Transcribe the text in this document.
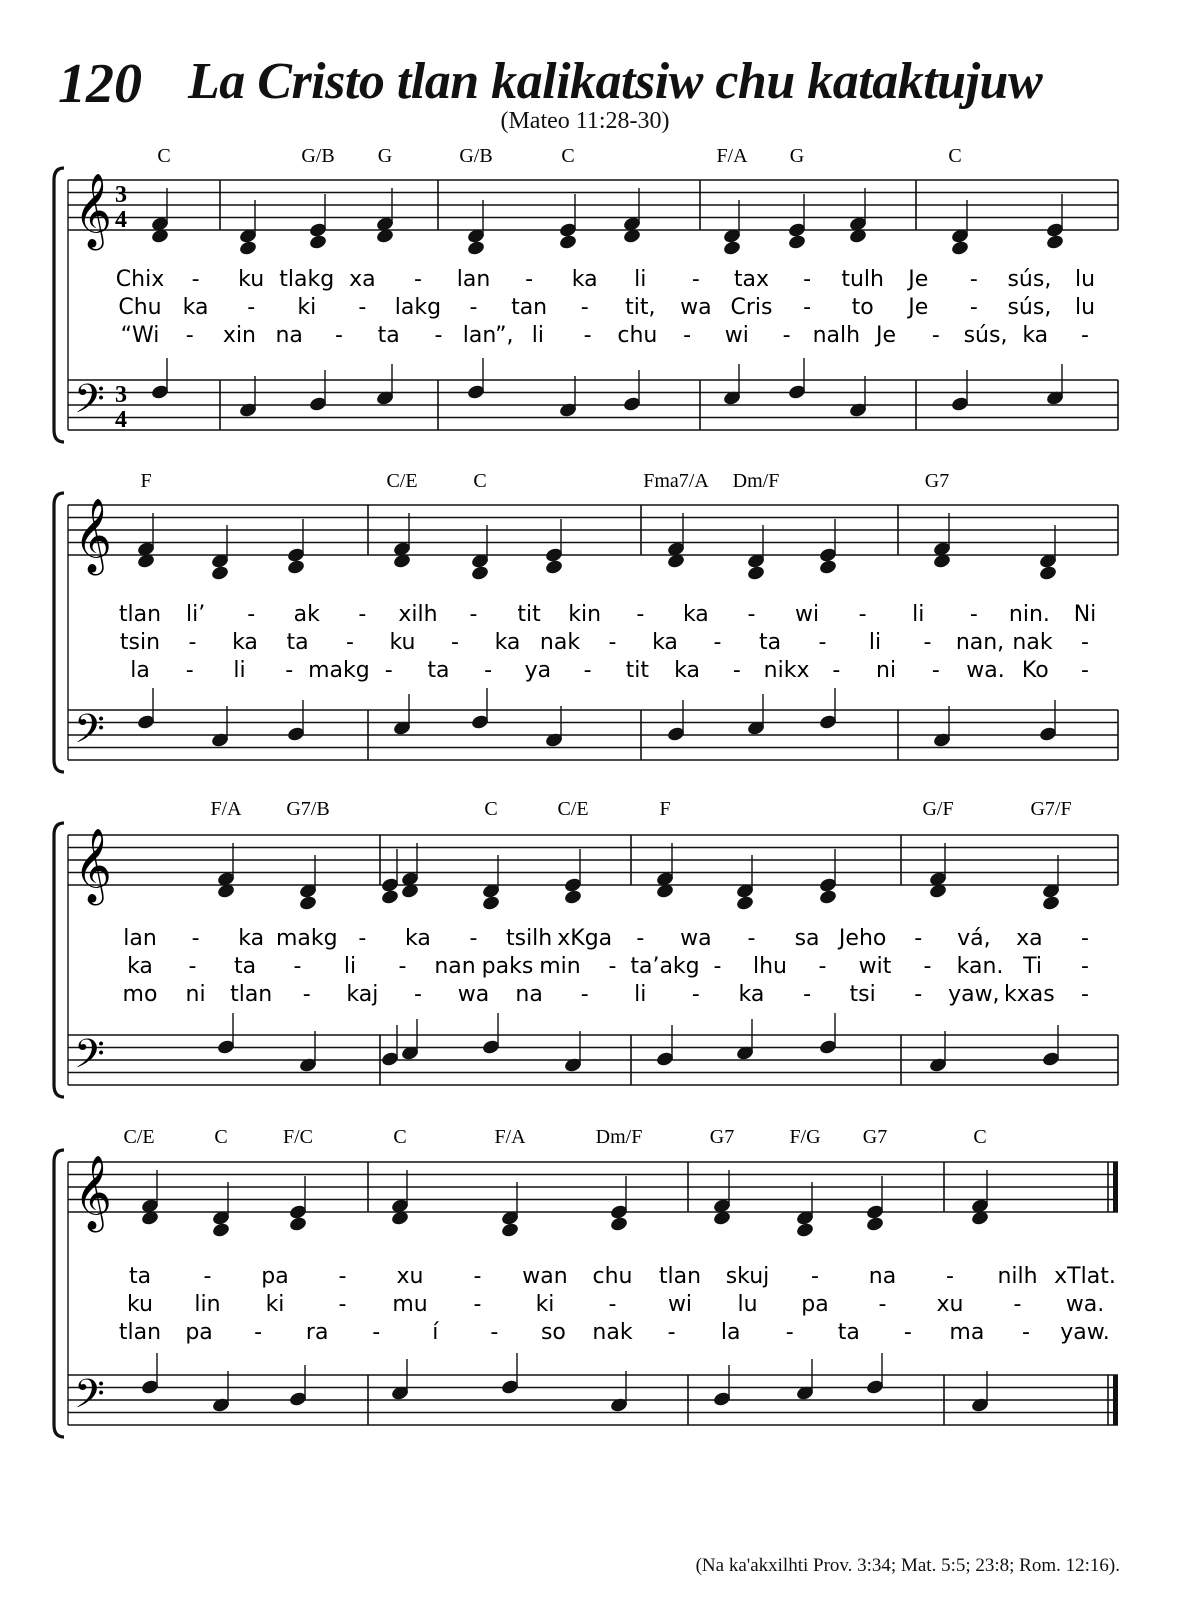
120 La Cristo tlan kalikatsiw chu kataktujuw
(Mateo 11:28-30)
𝄞
𝄢
3
4
3
4
C	G/B G	G/B	C	F/A G	C
Chix - ku tlakg xa - lan - ka li - tax - tulh Je - sús, lu
Chu ka - ki - lakg - tan - tit, wa Cris - to Je - sús, lu
“Wi - xin na - ta - lan”, li - chu - wi - nalh Je - sús, ka -
𝄞
𝄢
F	C/E	C	Fma7/A Dm/F	G7
tlan li’ - ak - xilh - tit kin - ka - wi - li - nin. Ni
tsin - ka ta - ku - ka nak - ka - ta - li - nan, nak -
la - li - makg - ta - ya - tit ka - nikx - ni - wa. Ko -
𝄞
𝄢
F/A G7/B	C	C/E	F	G/F	G7/F
lan - ka makg - ka - tsilh xKga - wa - sa Jeho - vá, xa -
ka - ta - li - nan paks min - ta’akg - lhu - wit - kan. Ti -
mo ni tlan - kaj - wa na - li - ka - tsi - yaw, kxas -
𝄞
𝄢
C/E	C	F/C	C	F/A	Dm/F	G7	F/G G7	C
ta - pa - xu - wan chu tlan skuj - na - nilh xTlat.
ku lin ki - mu - ki - wi lu pa - xu - wa.
tlan pa - ra - í - so nak - la - ta - ma - yaw.
(Na ka'akxilhti Prov. 3:34; Mat. 5:5; 23:8; Rom. 12:16).
